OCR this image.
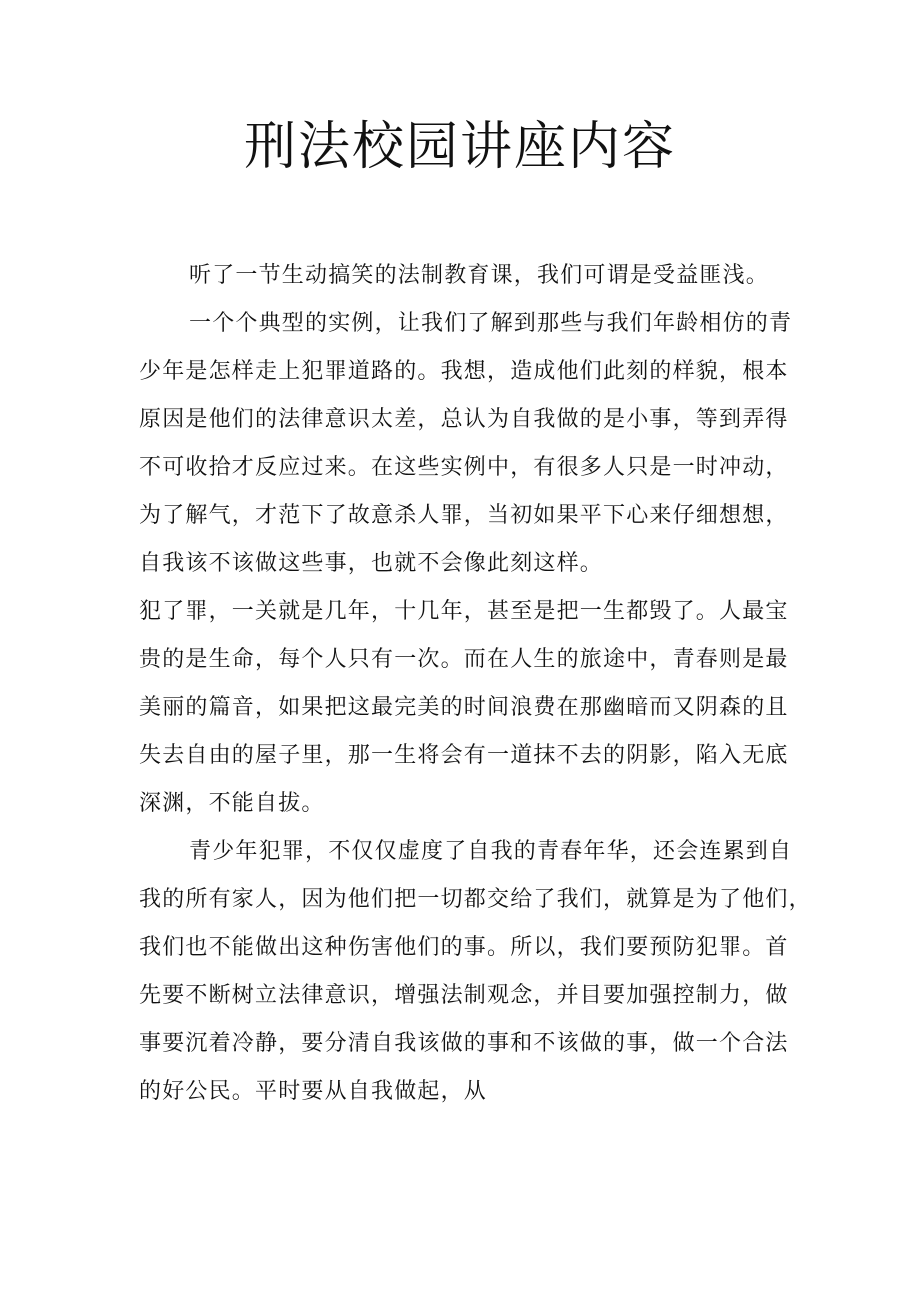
刑法校园讲座内容
听了一节生动搞笑的法制教育课，我们可谓是受益匪浅。
一个个典型的实例，让我们了解到那些与我们年龄相仿的青
少年是怎样走上犯罪道路的。我想，造成他们此刻的样貌，根本
原因是他们的法律意识太差，总认为自我做的是小事，等到弄得
不可收拾才反应过来。在这些实例中，有很多人只是一时冲动，
为了解气，才范下了故意杀人罪，当初如果平下心来仔细想想，
自我该不该做这些事，也就不会像此刻这样。
犯了罪，一关就是几年，十几年，甚至是把一生都毁了。人最宝
贵的是生命，每个人只有一次。而在人生的旅途中，青春则是最
美丽的篇音，如果把这最完美的时间浪费在那幽暗而又阴森的且
失去自由的屋子里，那一生将会有一道抹不去的阴影，陷入无底
深渊，不能自拔。
青少年犯罪，不仅仅虚度了自我的青春年华，还会连累到自
我的所有家人，因为他们把一切都交给了我们，就算是为了他们，
我们也不能做出这种伤害他们的事。所以，我们要预防犯罪。首
先要不断树立法律意识，增强法制观念，并目要加强控制力，做
事要沉着冷静，要分清自我该做的事和不该做的事，做一个合法
的好公民。平时要从自我做起，从
